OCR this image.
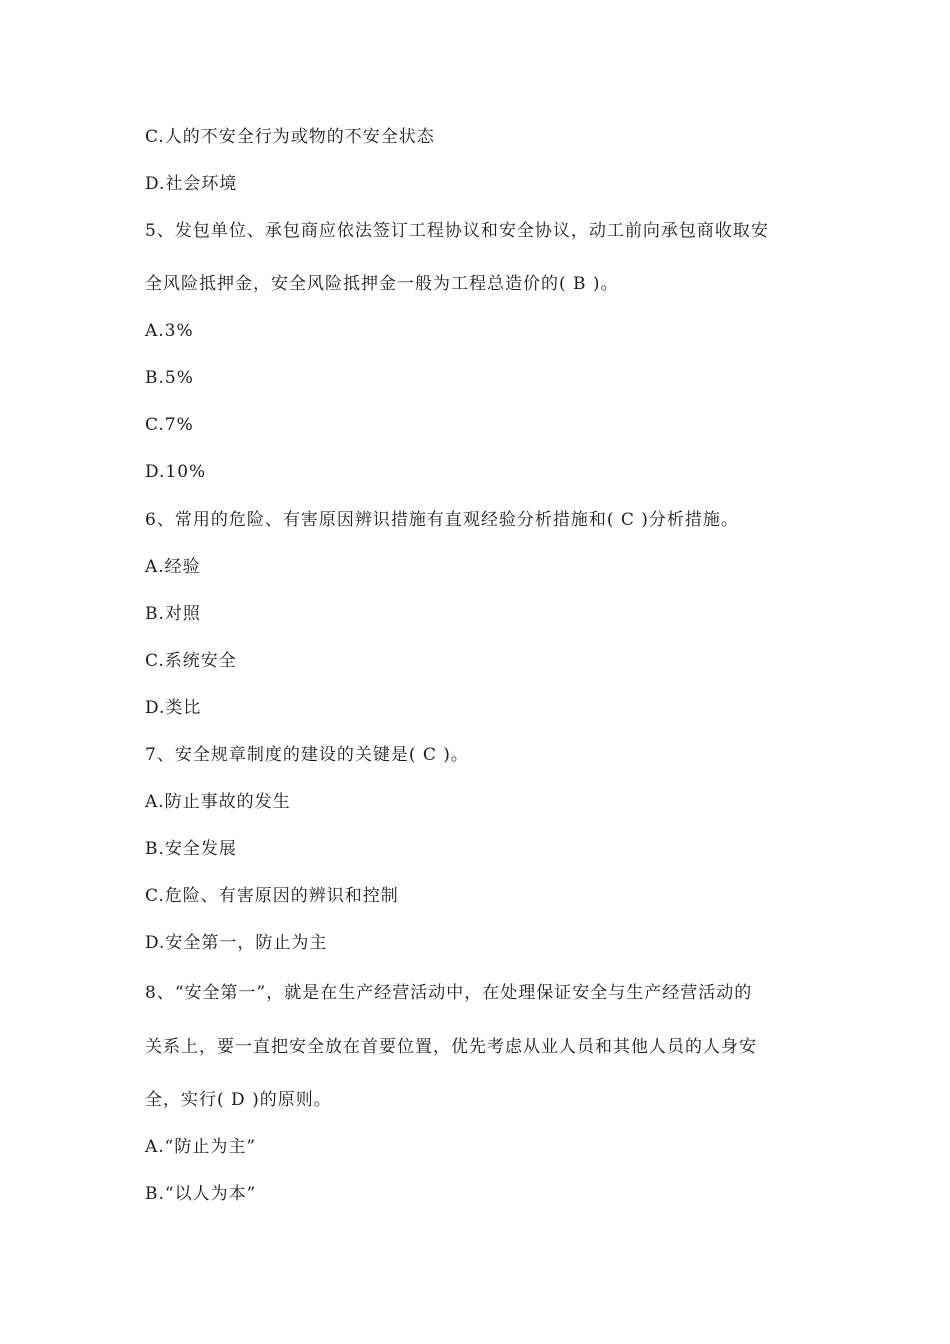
C.人的不安全行为或物的不安全状态
D.社会环境
5、发包单位、承包商应依法签订工程协议和安全协议，动工前向承包商收取安
全风险抵押金，安全风险抵押金一般为工程总造价的( B )。
A.3%
B.5%
C.7%
D.10%
6、常用的危险、有害原因辨识措施有直观经验分析措施和( C )分析措施。
A.经验
B.对照
C.系统安全
D.类比
7、安全规章制度的建设的关键是( C )。
A.防止事故的发生
B.安全发展
C.危险、有害原因的辨识和控制
D.安全第一，防止为主
8、“安全第一”，就是在生产经营活动中，在处理保证安全与生产经营活动的
关系上，要一直把安全放在首要位置，优先考虑从业人员和其他人员的人身安
全，实行( D )的原则。
A.“防止为主”
B.“以人为本”
